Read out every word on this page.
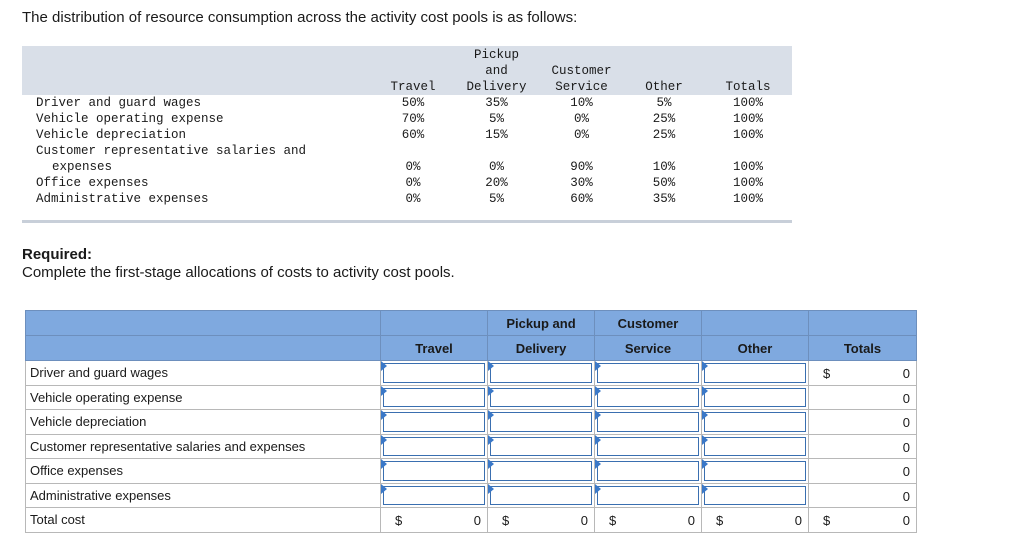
The distribution of resource consumption across the activity cost pools is as follows:
		Pickup			
		and	Customer		
	Travel	Delivery	Service	Other	Totals
Driver and guard wages	50%	35%	10%	5%	100%
Vehicle operating expense	70%	5%	0%	25%	100%
Vehicle depreciation	60%	15%	0%	25%	100%
Customer representative salaries and					
expenses	0%	0%	90%	10%	100%
Office expenses	0%	20%	30%	50%	100%
Administrative expenses	0%	5%	60%	35%	100%
Required:
Complete the first-stage allocations of costs to activity cost pools.
		Pickup and	Customer		
	Travel	Delivery	Service	Other	Totals
Driver and guard wages					$ 0

Vehicle operating expense					0

Vehicle depreciation					0

Customer representative salaries and expenses					0

Office expenses					0

Administrative expenses					0

Total cost	$ 0	$ 0	$ 0	$ 0	$ 0
